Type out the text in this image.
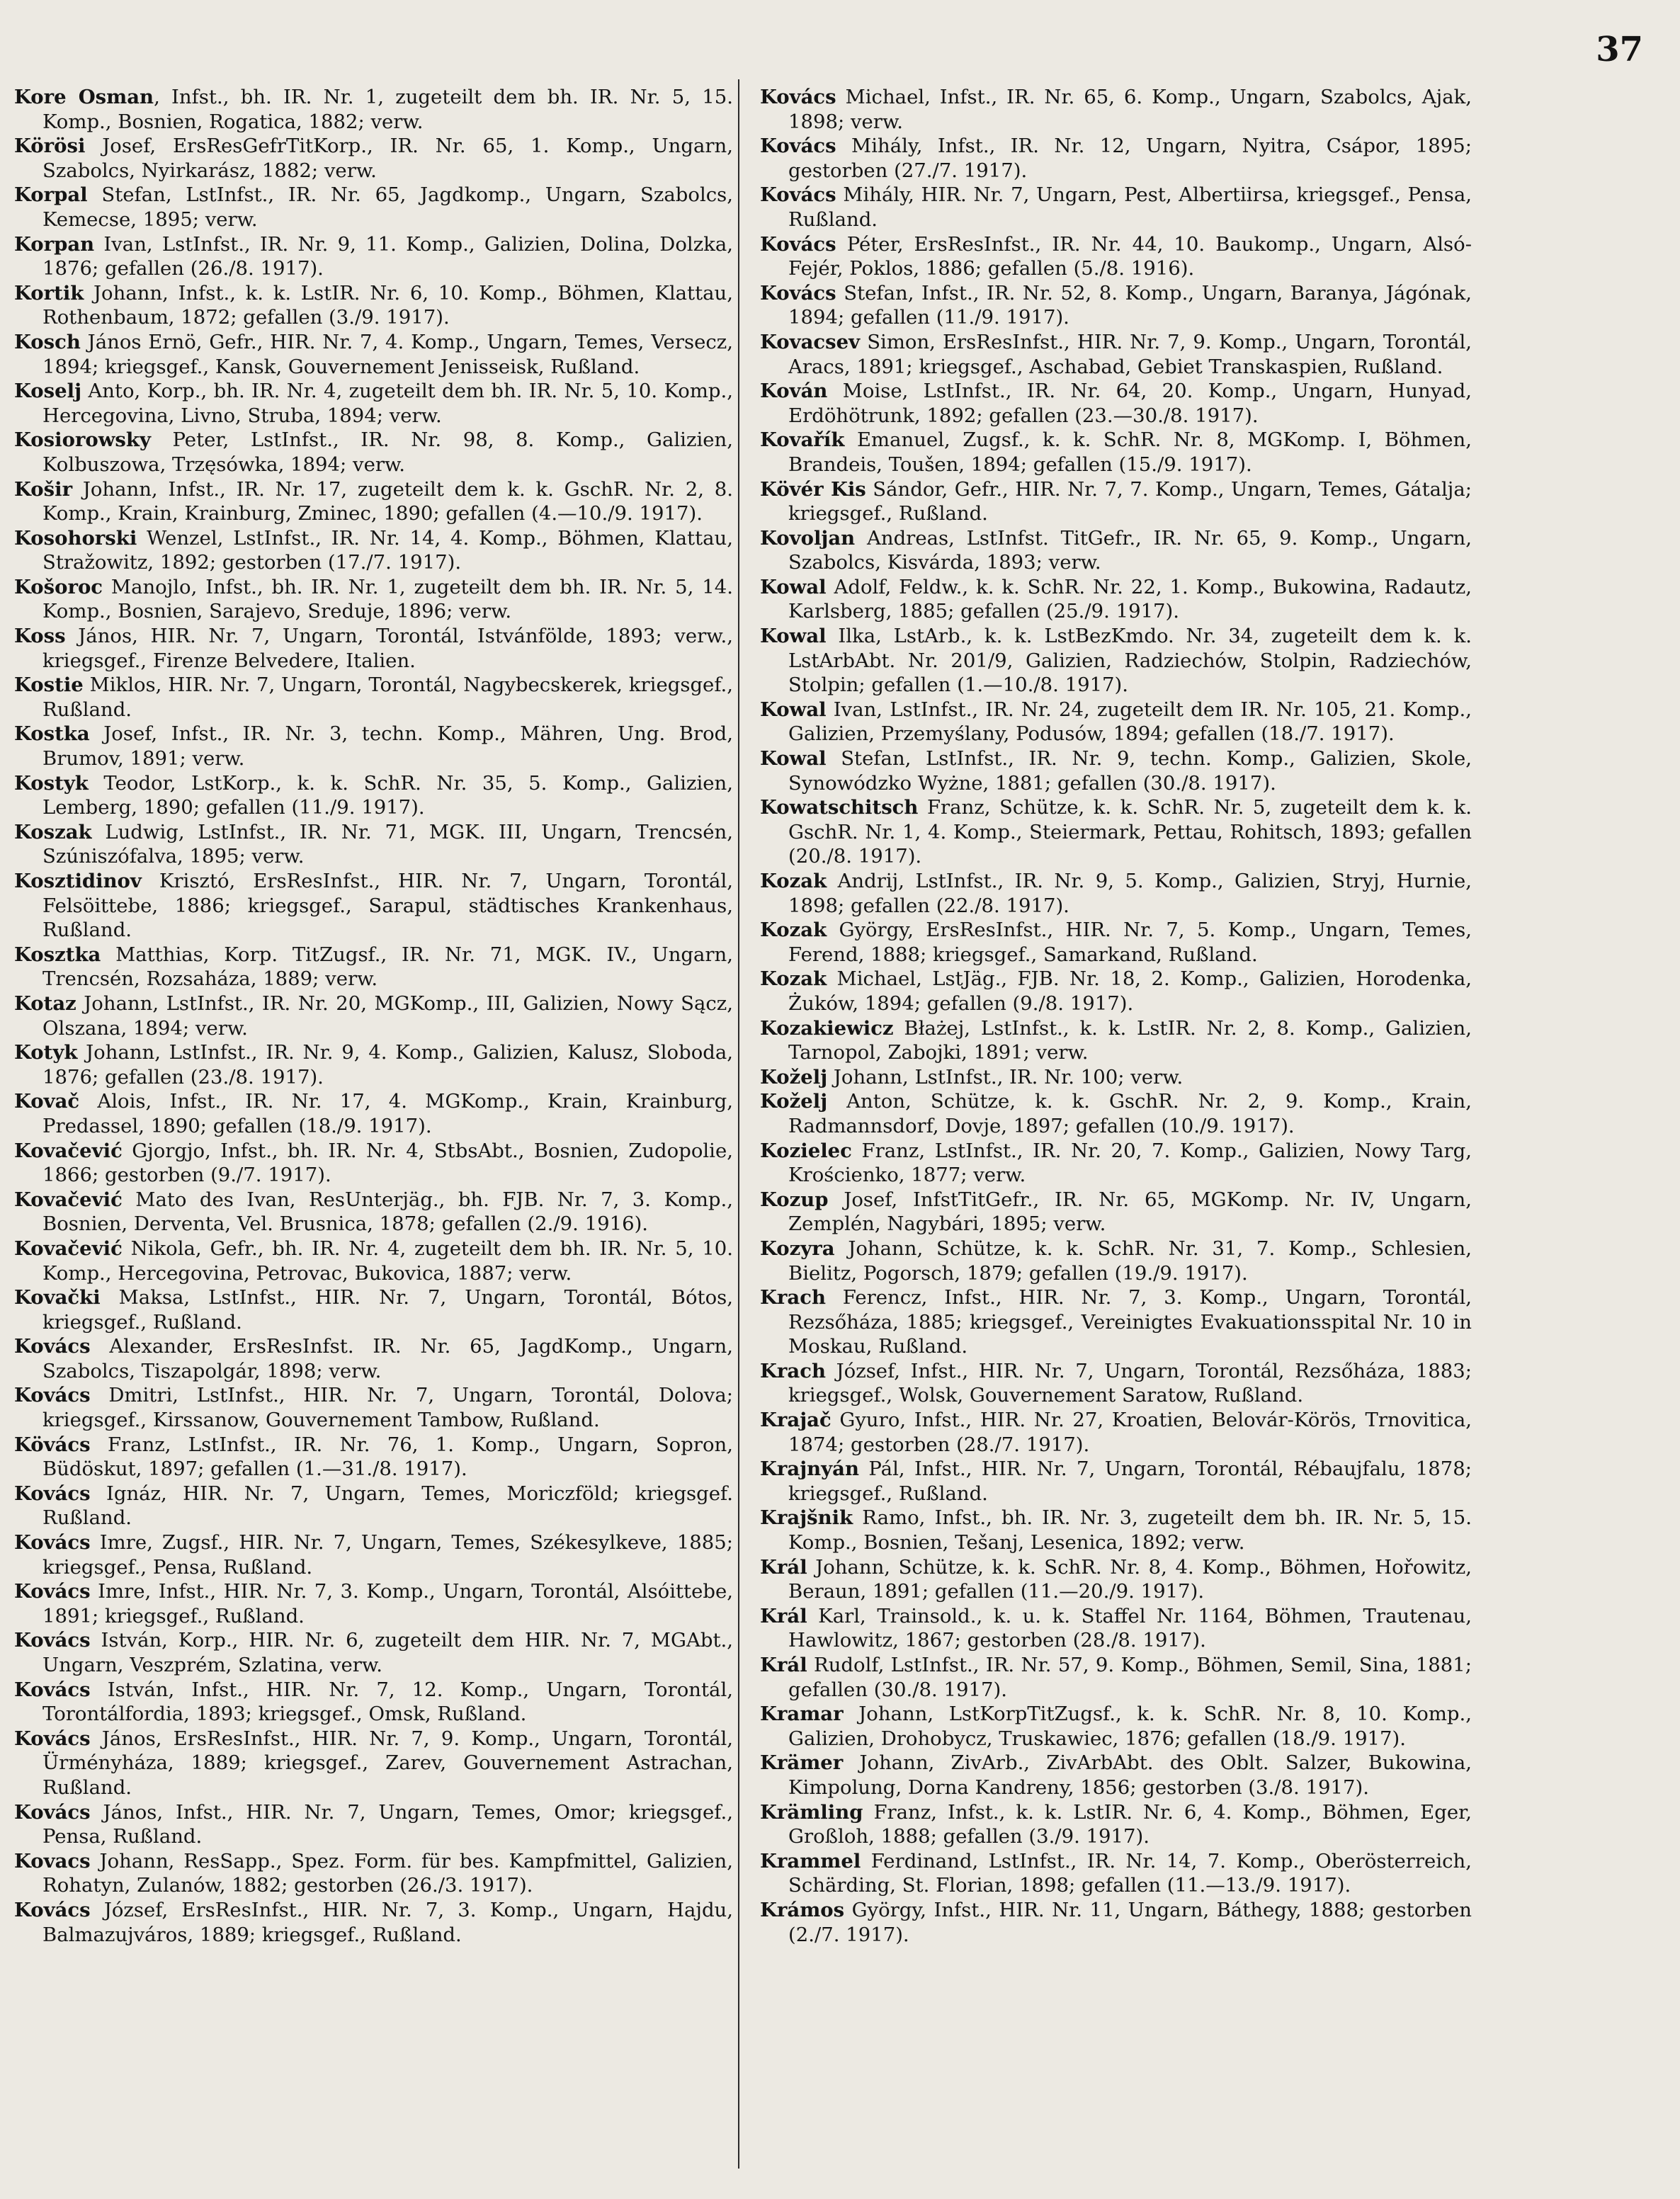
37

Kore Osman, Infst., bh. IR. Nr. 1, zugeteilt dem bh. IR. Nr. 5, 15. Komp., Bosnien, Rogatica, 1882; verw.

Körösi Josef, ErsResGefrTitKorp., IR. Nr. 65, 1. Komp., Ungarn, Szabolcs, Nyirkarász, 1882; verw.

Korpal Stefan, LstInfst., IR. Nr. 65, Jagdkomp., Ungarn, Szabolcs, Kemecse, 1895; verw.

Korpan Ivan, LstInfst., IR. Nr. 9, 11. Komp., Galizien, Dolina, Dolzka, 1876; gefallen (26./8. 1917).

Kortik Johann, Infst., k. k. LstIR. Nr. 6, 10. Komp., Böhmen, Klattau, Rothenbaum, 1872; gefallen (3./9. 1917).

Kosch János Ernö, Gefr., HIR. Nr. 7, 4. Komp., Ungarn, Temes, Versecz, 1894; kriegsgef., Kansk, Gouvernement Jenisseisk, Rußland.

Koselj Anto, Korp., bh. IR. Nr. 4, zugeteilt dem bh. IR. Nr. 5, 10. Komp., Hercegovina, Livno, Struba, 1894; verw.

Kosiorowsky Peter, LstInfst., IR. Nr. 98, 8. Komp., Galizien, Kolbuszowa, Trzęsówka, 1894; verw.

Košir Johann, Infst., IR. Nr. 17, zugeteilt dem k. k. GschR. Nr. 2, 8. Komp., Krain, Krainburg, Zminec, 1890; gefallen (4.—10./9. 1917).

Kosohorski Wenzel, LstInfst., IR. Nr. 14, 4. Komp., Böhmen, Klattau, Stražowitz, 1892; gestorben (17./7. 1917).

Košoroc Manojlo, Infst., bh. IR. Nr. 1, zugeteilt dem bh. IR. Nr. 5, 14. Komp., Bosnien, Sarajevo, Sreduje, 1896; verw.

Koss János, HIR. Nr. 7, Ungarn, Torontál, Istvánfölde, 1893; verw., kriegsgef., Firenze Belvedere, Italien.

Kostie Miklos, HIR. Nr. 7, Ungarn, Torontál, Nagybecskerek, kriegsgef., Rußland.

Kostka Josef, Infst., IR. Nr. 3, techn. Komp., Mähren, Ung. Brod, Brumov, 1891; verw.

Kostyk Teodor, LstKorp., k. k. SchR. Nr. 35, 5. Komp., Galizien, Lemberg, 1890; gefallen (11./9. 1917).

Koszak Ludwig, LstInfst., IR. Nr. 71, MGK. III, Ungarn, Trencsén, Szúniszófalva, 1895; verw.

Kosztidinov Krisztó, ErsResInfst., HIR. Nr. 7, Ungarn, Torontál, Felsöittebe, 1886; kriegsgef., Sarapul, städtisches Krankenhaus, Rußland.

Kosztka Matthias, Korp. TitZugsf., IR. Nr. 71, MGK. IV., Ungarn, Trencsén, Rozsaháza, 1889; verw.

Kotaz Johann, LstInfst., IR. Nr. 20, MGKomp., III, Galizien, Nowy Sącz, Olszana, 1894; verw.

Kotyk Johann, LstInfst., IR. Nr. 9, 4. Komp., Galizien, Kalusz, Sloboda, 1876; gefallen (23./8. 1917).

Kovač Alois, Infst., IR. Nr. 17, 4. MGKomp., Krain, Krainburg, Predassel, 1890; gefallen (18./9. 1917).

Kovačević Gjorgjo, Infst., bh. IR. Nr. 4, StbsAbt., Bosnien, Zudopolie, 1866; gestorben (9./7. 1917).

Kovačević Mato des Ivan, ResUnterjäg., bh. FJB. Nr. 7, 3. Komp., Bosnien, Derventa, Vel. Brusnica, 1878; gefallen (2./9. 1916).

Kovačević Nikola, Gefr., bh. IR. Nr. 4, zugeteilt dem bh. IR. Nr. 5, 10. Komp., Hercegovina, Petrovac, Bukovica, 1887; verw.

Kovački Maksa, LstInfst., HIR. Nr. 7, Ungarn, Torontál, Bótos, kriegsgef., Rußland.

Kovács Alexander, ErsResInfst. IR. Nr. 65, JagdKomp., Ungarn, Szabolcs, Tiszapolgár, 1898; verw.

Kovács Dmitri, LstInfst., HIR. Nr. 7, Ungarn, Torontál, Dolova; kriegsgef., Kirssanow, Gouvernement Tambow, Rußland.

Kövács Franz, LstInfst., IR. Nr. 76, 1. Komp., Ungarn, Sopron, Büdöskut, 1897; gefallen (1.—31./8. 1917).

Kovács Ignáz, HIR. Nr. 7, Ungarn, Temes, Moriczföld; kriegsgef. Rußland.

Kovács Imre, Zugsf., HIR. Nr. 7, Ungarn, Temes, Székesylkeve, 1885; kriegsgef., Pensa, Rußland.

Kovács Imre, Infst., HIR. Nr. 7, 3. Komp., Ungarn, Torontál, Alsóittebe, 1891; kriegsgef., Rußland.

Kovács István, Korp., HIR. Nr. 6, zugeteilt dem HIR. Nr. 7, MGAbt., Ungarn, Veszprém, Szlatina, verw.

Kovács István, Infst., HIR. Nr. 7, 12. Komp., Ungarn, Torontál, Torontálfordia, 1893; kriegsgef., Omsk, Rußland.

Kovács János, ErsResInfst., HIR. Nr. 7, 9. Komp., Ungarn, Torontál, Ürményháza, 1889; kriegsgef., Zarev, Gouvernement Astrachan, Rußland.

Kovács János, Infst., HIR. Nr. 7, Ungarn, Temes, Omor; kriegsgef., Pensa, Rußland.

Kovacs Johann, ResSapp., Spez. Form. für bes. Kampfmittel, Galizien, Rohatyn, Zulanów, 1882; gestorben (26./3. 1917).

Kovács József, ErsResInfst., HIR. Nr. 7, 3. Komp., Ungarn, Hajdu, Balmazujváros, 1889; kriegsgef., Rußland.

Kovács Michael, Infst., IR. Nr. 65, 6. Komp., Ungarn, Szabolcs, Ajak, 1898; verw.

Kovács Mihály, Infst., IR. Nr. 12, Ungarn, Nyitra, Csápor, 1895; gestorben (27./7. 1917).

Kovács Mihály, HIR. Nr. 7, Ungarn, Pest, Albertiirsa, kriegsgef., Pensa, Rußland.

Kovács Péter, ErsResInfst., IR. Nr. 44, 10. Baukomp., Ungarn, Alsó-Fejér, Poklos, 1886; gefallen (5./8. 1916).

Kovács Stefan, Infst., IR. Nr. 52, 8. Komp., Ungarn, Baranya, Jágónak, 1894; gefallen (11./9. 1917).

Kovacsev Simon, ErsResInfst., HIR. Nr. 7, 9. Komp., Ungarn, Torontál, Aracs, 1891; kriegsgef., Aschabad, Gebiet Transkaspien, Rußland.

Kován Moise, LstInfst., IR. Nr. 64, 20. Komp., Ungarn, Hunyad, Erdöhötrunk, 1892; gefallen (23.—30./8. 1917).

Kovařík Emanuel, Zugsf., k. k. SchR. Nr. 8, MGKomp. I, Böhmen, Brandeis, Toušen, 1894; gefallen (15./9. 1917).

Kövér Kis Sándor, Gefr., HIR. Nr. 7, 7. Komp., Ungarn, Temes, Gátalja; kriegsgef., Rußland.

Kovoljan Andreas, LstInfst. TitGefr., IR. Nr. 65, 9. Komp., Ungarn, Szabolcs, Kisvárda, 1893; verw.

Kowal Adolf, Feldw., k. k. SchR. Nr. 22, 1. Komp., Bukowina, Radautz, Karlsberg, 1885; gefallen (25./9. 1917).

Kowal Ilka, LstArb., k. k. LstBezKmdo. Nr. 34, zugeteilt dem k. k. LstArbAbt. Nr. 201/9, Galizien, Radziechów, Stolpin, Radziechów, Stolpin; gefallen (1.—10./8. 1917).

Kowal Ivan, LstInfst., IR. Nr. 24, zugeteilt dem IR. Nr. 105, 21. Komp., Galizien, Przemyślany, Podusów, 1894; gefallen (18./7. 1917).

Kowal Stefan, LstInfst., IR. Nr. 9, techn. Komp., Galizien, Skole, Synowódzko Wyżne, 1881; gefallen (30./8. 1917).

Kowatschitsch Franz, Schütze, k. k. SchR. Nr. 5, zugeteilt dem k. k. GschR. Nr. 1, 4. Komp., Steiermark, Pettau, Rohitsch, 1893; gefallen (20./8. 1917).

Kozak Andrij, LstInfst., IR. Nr. 9, 5. Komp., Galizien, Stryj, Hurnie, 1898; gefallen (22./8. 1917).

Kozak György, ErsResInfst., HIR. Nr. 7, 5. Komp., Ungarn, Temes, Ferend, 1888; kriegsgef., Samarkand, Rußland.

Kozak Michael, LstJäg., FJB. Nr. 18, 2. Komp., Galizien, Horodenka, Żuków, 1894; gefallen (9./8. 1917).

Kozakiewicz Błażej, LstInfst., k. k. LstIR. Nr. 2, 8. Komp., Galizien, Tarnopol, Zabojki, 1891; verw.

Koželj Johann, LstInfst., IR. Nr. 100; verw.

Koželj Anton, Schütze, k. k. GschR. Nr. 2, 9. Komp., Krain, Radmannsdorf, Dovje, 1897; gefallen (10./9. 1917).

Kozielec Franz, LstInfst., IR. Nr. 20, 7. Komp., Galizien, Nowy Targ, Krościenko, 1877; verw.

Kozup Josef, InfstTitGefr., IR. Nr. 65, MGKomp. Nr. IV, Ungarn, Zemplén, Nagybári, 1895; verw.

Kozyra Johann, Schütze, k. k. SchR. Nr. 31, 7. Komp., Schlesien, Bielitz, Pogorsch, 1879; gefallen (19./9. 1917).

Krach Ferencz, Infst., HIR. Nr. 7, 3. Komp., Ungarn, Torontál, Rezsőháza, 1885; kriegsgef., Vereinigtes Evakuationsspital Nr. 10 in Moskau, Rußland.

Krach József, Infst., HIR. Nr. 7, Ungarn, Torontál, Rezsőháza, 1883; kriegsgef., Wolsk, Gouvernement Saratow, Rußland.

Krajač Gyuro, Infst., HIR. Nr. 27, Kroatien, Belovár-Körös, Trnovitica, 1874; gestorben (28./7. 1917).

Krajnyán Pál, Infst., HIR. Nr. 7, Ungarn, Torontál, Rébaujfalu, 1878; kriegsgef., Rußland.

Krajšnik Ramo, Infst., bh. IR. Nr. 3, zugeteilt dem bh. IR. Nr. 5, 15. Komp., Bosnien, Tešanj, Lesenica, 1892; verw.

Král Johann, Schütze, k. k. SchR. Nr. 8, 4. Komp., Böhmen, Hořowitz, Beraun, 1891; gefallen (11.—20./9. 1917).

Král Karl, Trainsold., k. u. k. Staffel Nr. 1164, Böhmen, Trautenau, Hawlowitz, 1867; gestorben (28./8. 1917).

Král Rudolf, LstInfst., IR. Nr. 57, 9. Komp., Böhmen, Semil, Sina, 1881; gefallen (30./8. 1917).

Kramar Johann, LstKorpTitZugsf., k. k. SchR. Nr. 8, 10. Komp., Galizien, Drohobycz, Truskawiec, 1876; gefallen (18./9. 1917).

Krämer Johann, ZivArb., ZivArbAbt. des Oblt. Salzer, Bukowina, Kimpolung, Dorna Kandreny, 1856; gestorben (3./8. 1917).

Krämling Franz, Infst., k. k. LstIR. Nr. 6, 4. Komp., Böhmen, Eger, Großloh, 1888; gefallen (3./9. 1917).

Krammel Ferdinand, LstInfst., IR. Nr. 14, 7. Komp., Oberösterreich, Schärding, St. Florian, 1898; gefallen (11.—13./9. 1917).

Krámos György, Infst., HIR. Nr. 11, Ungarn, Báthegy, 1888; gestorben (2./7. 1917).
